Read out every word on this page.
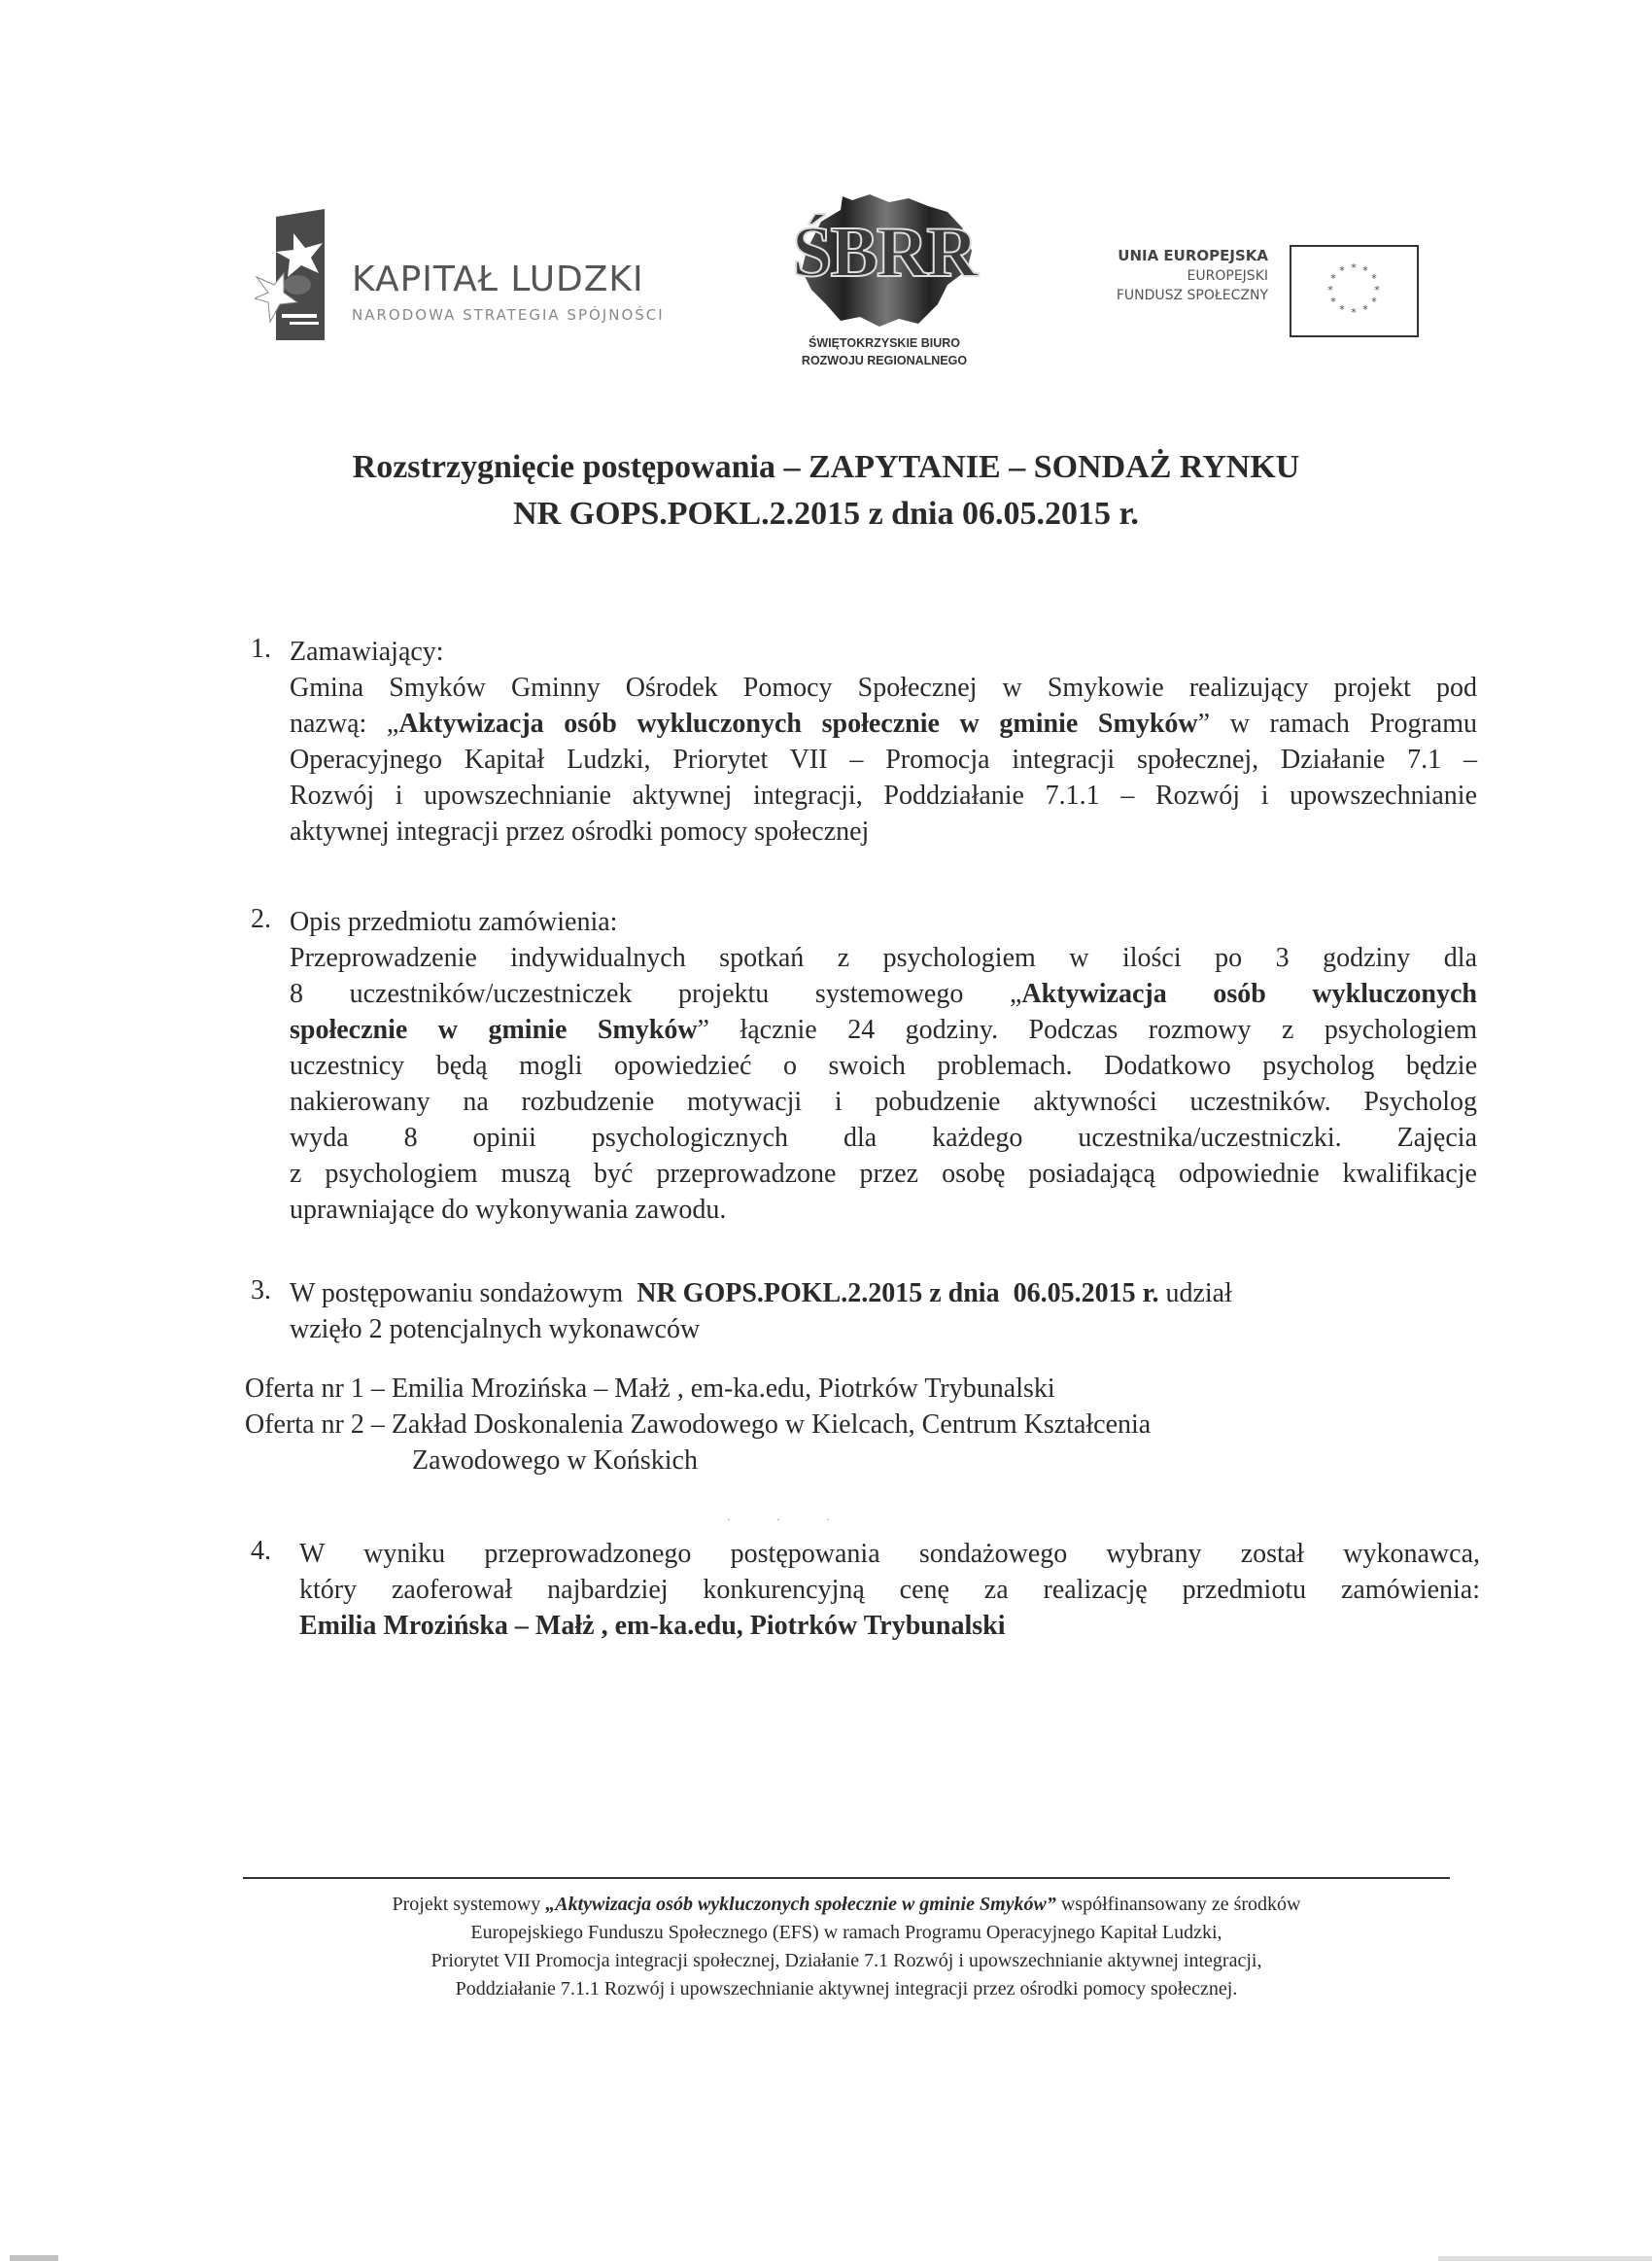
KAPITAŁ LUDZKI
NARODOWA STRATEGIA SPÓJNOŚCI
ŚBRR
ŚWIĘTOKRZYSKIE BIURO
ROZWOJU REGIONALNEGO
UNIA EUROPEJSKA
EUROPEJSKI
FUNDUSZ SPOŁECZNY
* *
*
*
*
*
*
*
*
*
*
*
Rozstrzygnięcie postępowania – ZAPYTANIE – SONDAŻ RYNKU
NR GOPS.POKL.2.2015 z dnia 06.05.2015 r.
1. Zamawiający:
Gmina Smyków Gminny Ośrodek Pomocy Społecznej w Smykowie realizujący projekt pod
nazwą: „Aktywizacja osób wykluczonych społecznie w gminie Smyków” w ramach Programu
Operacyjnego Kapitał Ludzki, Priorytet VII – Promocja integracji społecznej, Działanie 7.1 –
Rozwój i upowszechnianie aktywnej integracji, Poddziałanie 7.1.1 – Rozwój i upowszechnianie
aktywnej integracji przez ośrodki pomocy społecznej
2. Opis przedmiotu zamówienia:
Przeprowadzenie indywidualnych spotkań z psychologiem w ilości po 3 godziny dla
8 uczestników/uczestniczek projektu systemowego „Aktywizacja osób wykluczonych
społecznie w gminie Smyków” łącznie 24 godziny. Podczas rozmowy z psychologiem
uczestnicy będą mogli opowiedzieć o swoich problemach. Dodatkowo psycholog będzie
nakierowany na rozbudzenie motywacji i pobudzenie aktywności uczestników. Psycholog
wyda 8 opinii psychologicznych dla każdego uczestnika/uczestniczki. Zajęcia
z psychologiem muszą być przeprowadzone przez osobę posiadającą odpowiednie kwalifikacje
uprawniające do wykonywania zawodu.
3. W postępowaniu sondażowym  NR GOPS.POKL.2.2015 z dnia  06.05.2015 r. udział
wzięło 2 potencjalnych wykonawców
Oferta nr 1 – Emilia Mrozińska – Małż , em-ka.edu, Piotrków Trybunalski
Oferta nr 2 – Zakład Doskonalenia Zawodowego w Kielcach, Centrum Kształcenia
Zawodowego w Końskich
· · ·
4. W wyniku przeprowadzonego postępowania sondażowego wybrany został wykonawca,
który zaoferował najbardziej konkurencyjną cenę za realizację przedmiotu zamówienia:
Emilia Mrozińska – Małż , em-ka.edu, Piotrków Trybunalski
Projekt systemowy „Aktywizacja osób wykluczonych społecznie w gminie Smyków” współfinansowany ze środków
Europejskiego Funduszu Społecznego (EFS) w ramach Programu Operacyjnego Kapitał Ludzki,
Priorytet VII Promocja integracji społecznej, Działanie 7.1 Rozwój i upowszechnianie aktywnej integracji,
Poddziałanie 7.1.1 Rozwój i upowszechnianie aktywnej integracji przez ośrodki pomocy społecznej.
